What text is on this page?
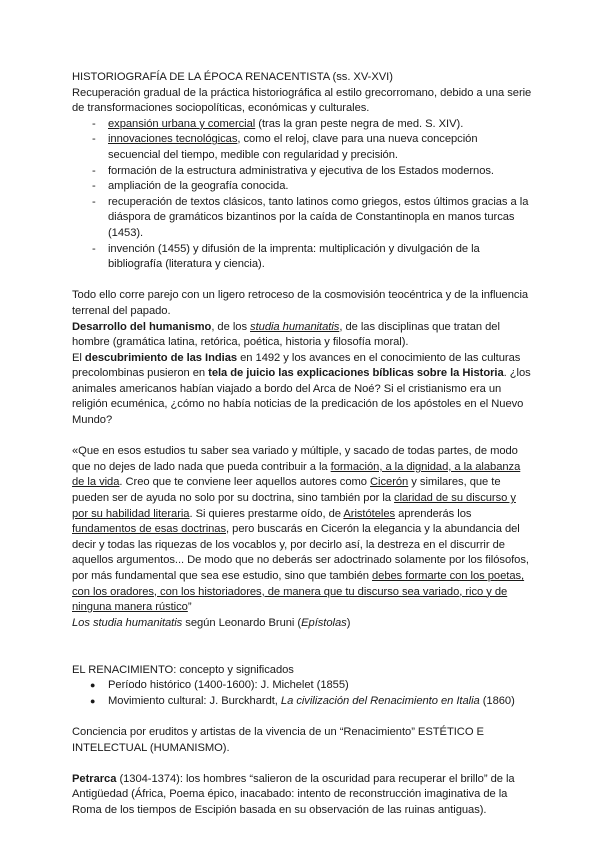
HISTORIOGRAFÍA DE LA ÉPOCA RENACENTISTA (ss. XV-XVI)

Recuperación gradual de la práctica historiográfica al estilo grecorromano, debido a una serie de transformaciones sociopolíticas, económicas y culturales.

- expansión urbana y comercial (tras la gran peste negra de med. S. XIV).
- innovaciones tecnológicas, como el reloj, clave para una nueva concepción secuencial del tiempo, medible con regularidad y precisión.
- formación de la estructura administrativa y ejecutiva de los Estados modernos.
- ampliación de la geografía conocida.
- recuperación de textos clásicos, tanto latinos como griegos, estos últimos gracias a la diáspora de gramáticos bizantinos por la caída de Constantinopla en manos turcas (1453).
- invención (1455) y difusión de la imprenta: multiplicación y divulgación de la bibliografía (literatura y ciencia).

Todo ello corre parejo con un ligero retroceso de la cosmovisión teocéntrica y de la influencia terrenal del papado.

Desarrollo del humanismo, de los studia humanitatis, de las disciplinas que tratan del hombre (gramática latina, retórica, poética, historia y filosofía moral).

El descubrimiento de las Indias en 1492 y los avances en el conocimiento de las culturas precolombinas pusieron en tela de juicio las explicaciones bíblicas sobre la Historia. ¿los animales americanos habían viajado a bordo del Arca de Noé? Si el cristianismo era un religión ecuménica, ¿cómo no había noticias de la predicación de los apóstoles en el Nuevo Mundo?

«Que en esos estudios tu saber sea variado y múltiple, y sacado de todas partes, de modo que no dejes de lado nada que pueda contribuir a la formación, a la dignidad, a la alabanza de la vida. Creo que te conviene leer aquellos autores como Cicerón y similares, que te pueden ser de ayuda no solo por su doctrina, sino también por la claridad de su discurso y por su habilidad literaria. Si quieres prestarme oído, de Aristóteles aprenderás los fundamentos de esas doctrinas, pero buscarás en Cicerón la elegancia y la abundancia del decir y todas las riquezas de los vocablos y, por decirlo así, la destreza en el discurrir de aquellos argumentos... De modo que no deberás ser adoctrinado solamente por los filósofos, por más fundamental que sea ese estudio, sino que también debes formarte con los poetas, con los oradores, con los historiadores, de manera que tu discurso sea variado, rico y de ninguna manera rústico”

Los studia humanitatis según Leonardo Bruni (Epístolas)

EL RENACIMIENTO: concepto y significados

● Período histórico (1400-1600): J. Michelet (1855)
● Movimiento cultural: J. Burckhardt, La civilización del Renacimiento en Italia (1860)

Conciencia por eruditos y artistas de la vivencia de un “Renacimiento” ESTÉTICO E INTELECTUAL (HUMANISMO).

Petrarca (1304-1374): los hombres “salieron de la oscuridad para recuperar el brillo” de la Antigüedad (África, Poema épico, inacabado: intento de reconstrucción imaginativa de la Roma de los tiempos de Escipión basada en su observación de las ruinas antiguas).
